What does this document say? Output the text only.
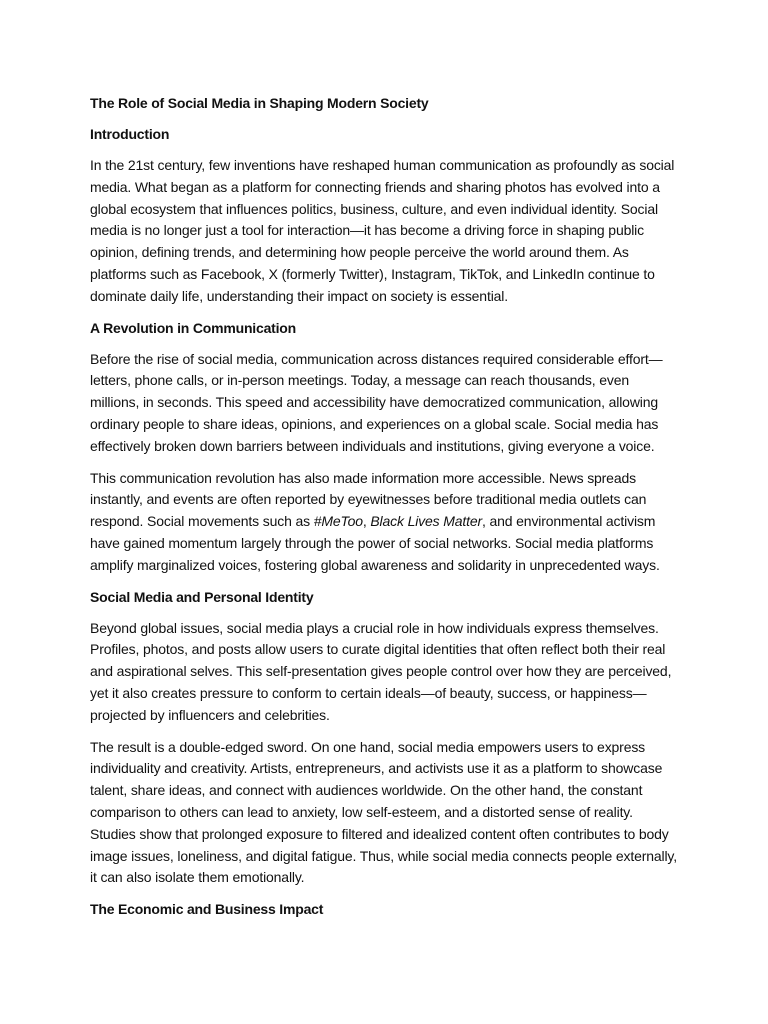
The Role of Social Media in Shaping Modern Society
Introduction

In the 21st century, few inventions have reshaped human communication as profoundly as social media. What began as a platform for connecting friends and sharing photos has evolved into a global ecosystem that influences politics, business, culture, and even individual identity. Social media is no longer just a tool for interaction—it has become a driving force in shaping public opinion, defining trends, and determining how people perceive the world around them. As platforms such as Facebook, X (formerly Twitter), Instagram, TikTok, and LinkedIn continue to dominate daily life, understanding their impact on society is essential.

A Revolution in Communication

Before the rise of social media, communication across distances required considerable effort—letters, phone calls, or in-person meetings. Today, a message can reach thousands, even millions, in seconds. This speed and accessibility have democratized communication, allowing ordinary people to share ideas, opinions, and experiences on a global scale. Social media has effectively broken down barriers between individuals and institutions, giving everyone a voice.

This communication revolution has also made information more accessible. News spreads instantly, and events are often reported by eyewitnesses before traditional media outlets can respond. Social movements such as #MeToo, Black Lives Matter, and environmental activism have gained momentum largely through the power of social networks. Social media platforms amplify marginalized voices, fostering global awareness and solidarity in unprecedented ways.

Social Media and Personal Identity

Beyond global issues, social media plays a crucial role in how individuals express themselves. Profiles, photos, and posts allow users to curate digital identities that often reflect both their real and aspirational selves. This self-presentation gives people control over how they are perceived, yet it also creates pressure to conform to certain ideals—of beauty, success, or happiness—projected by influencers and celebrities.

The result is a double-edged sword. On one hand, social media empowers users to express individuality and creativity. Artists, entrepreneurs, and activists use it as a platform to showcase talent, share ideas, and connect with audiences worldwide. On the other hand, the constant comparison to others can lead to anxiety, low self-esteem, and a distorted sense of reality. Studies show that prolonged exposure to filtered and idealized content often contributes to body image issues, loneliness, and digital fatigue. Thus, while social media connects people externally, it can also isolate them emotionally.

The Economic and Business Impact
